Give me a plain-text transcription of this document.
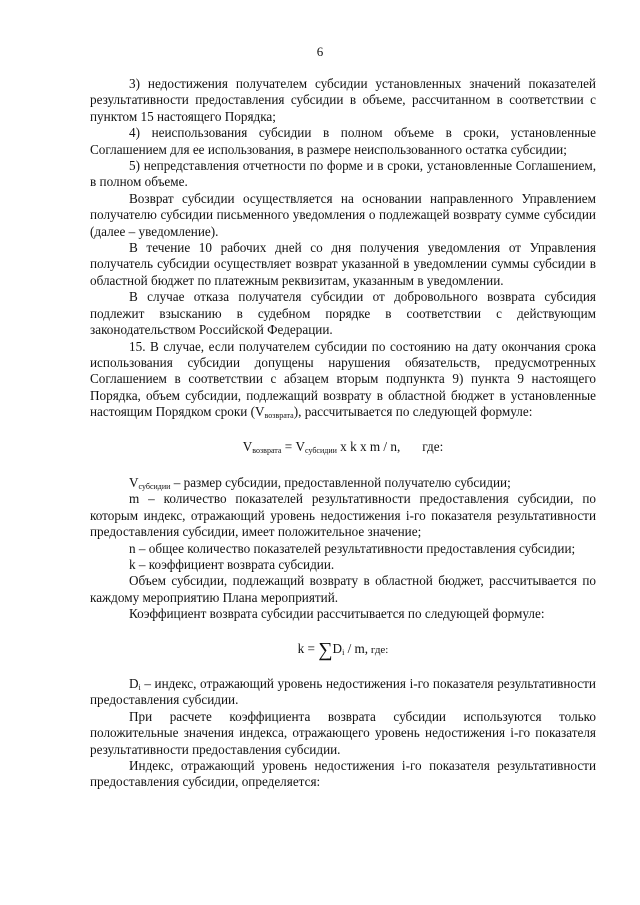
6

3) недостижения получателем субсидии установленных значений показателей результативности предоставления субсидии в объеме, рассчитанном в соответствии с пунктом 15 настоящего Порядка;

4) неиспользования субсидии в полном объеме в сроки, установленные Соглашением для ее использования, в размере неиспользованного остатка субсидии;

5) непредставления отчетности по форме и в сроки, установленные Соглашением, в полном объеме.

Возврат субсидии осуществляется на основании направленного Управлением получателю субсидии письменного уведомления о подлежащей возврату сумме субсидии (далее – уведомление).

В течение 10 рабочих дней со дня получения уведомления от Управления получатель субсидии осуществляет возврат указанной в уведомлении суммы субсидии в областной бюджет по платежным реквизитам, указанным в уведомлении.

В случае отказа получателя субсидии от добровольного возврата субсидия подлежит взысканию в судебном порядке в соответствии с действующим законодательством Российской Федерации.

15. В случае, если получателем субсидии по состоянию на дату окончания срока использования субсидии допущены нарушения обязательств, предусмотренных Соглашением в соответствии с абзацем вторым подпункта 9) пункта 9 настоящего Порядка, объем субсидии, подлежащий возврату в областной бюджет в установленные настоящим Порядком сроки $(V_{возврата})$, рассчитывается по следующей формуле:

$V_{возврата} = V_{субсидии}$ x k x m / n, где:

$V_{субсидии}$ – размер субсидии, предоставленной получателю субсидии;

m – количество показателей результативности предоставления субсидии, по которым индекс, отражающий уровень недостижения i-го показателя результативности предоставления субсидии, имеет положительное значение;

n – общее количество показателей результативности предоставления субсидии;

k – коэффициент возврата субсидии.

Объем субсидии, подлежащий возврату в областной бюджет, рассчитывается по каждому мероприятию Плана мероприятий.

Коэффициент возврата субсидии рассчитывается по следующей формуле:

$k = \sum D_i / m$, где:

$D_i$ – индекс, отражающий уровень недостижения i-го показателя результативности предоставления субсидии.

При расчете коэффициента возврата субсидии используются только положительные значения индекса, отражающего уровень недостижения i-го показателя результативности предоставления субсидии.

Индекс, отражающий уровень недостижения i-го показателя результативности предоставления субсидии, определяется:
